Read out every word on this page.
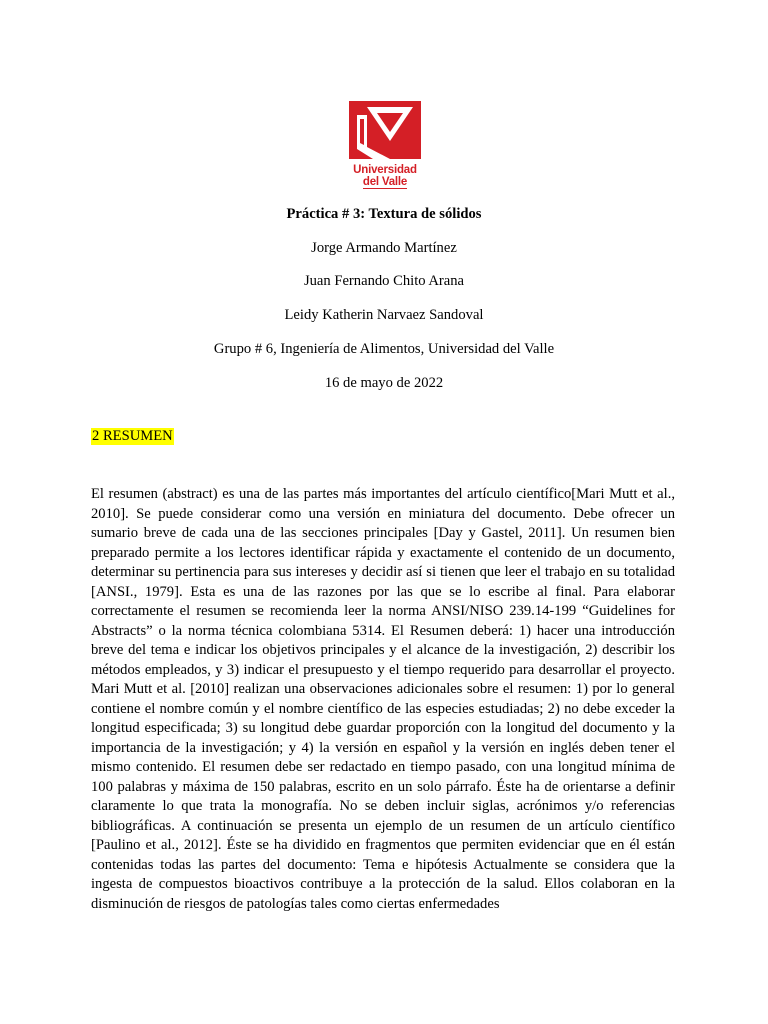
Universidad
del Valle
Práctica # 3: Textura de sólidos
Jorge Armando Martínez
Juan Fernando Chito Arana
Leidy Katherin Narvaez Sandoval
Grupo # 6, Ingeniería de Alimentos, Universidad del Valle
16 de mayo de 2022
2 RESUMEN

El resumen (abstract) es una de las partes más importantes del artículo científico[Mari Mutt et al., 2010]. Se puede considerar como una versión en miniatura del documento. Debe ofrecer un sumario breve de cada una de las secciones principales [Day y Gastel, 2011]. Un resumen bien preparado permite a los lectores identificar rápida y exactamente el contenido de un documento, determinar su pertinencia para sus intereses y decidir así si tienen que leer el trabajo en su totalidad [ANSI., 1979]. Esta es una de las razones por las que se lo escribe al final. Para elaborar correctamente el resumen se recomienda leer la norma ANSI/NISO 239.14-199 “Guidelines for Abstracts” o la norma técnica colombiana 5314. El Resumen deberá: 1) hacer una introducción breve del tema e indicar los objetivos principales y el alcance de la investigación, 2) describir los métodos empleados, y 3) indicar el presupuesto y el tiempo requerido para desarrollar el proyecto. Mari Mutt et al. [2010] realizan una observaciones adicionales sobre el resumen: 1) por lo general contiene el nombre común y el nombre científico de las especies estudiadas; 2) no debe exceder la longitud especificada; 3) su longitud debe guardar proporción con la longitud del documento y la importancia de la investigación; y 4) la versión en español y la versión en inglés deben tener el mismo contenido. El resumen debe ser redactado en tiempo pasado, con una longitud mínima de 100 palabras y máxima de 150 palabras, escrito en un solo párrafo. Éste ha de orientarse a definir claramente lo que trata la monografía. No se deben incluir siglas, acrónimos y/o referencias bibliográficas. A continuación se presenta un ejemplo de un resumen de un artículo científico [Paulino et al., 2012]. Éste se ha dividido en fragmentos que permiten evidenciar que en él están contenidas todas las partes del documento: Tema e hipótesis Actualmente se considera que la ingesta de compuestos bioactivos contribuye a la protección de la salud. Ellos colaboran en la disminución de riesgos de patologías tales como ciertas enfermedades
